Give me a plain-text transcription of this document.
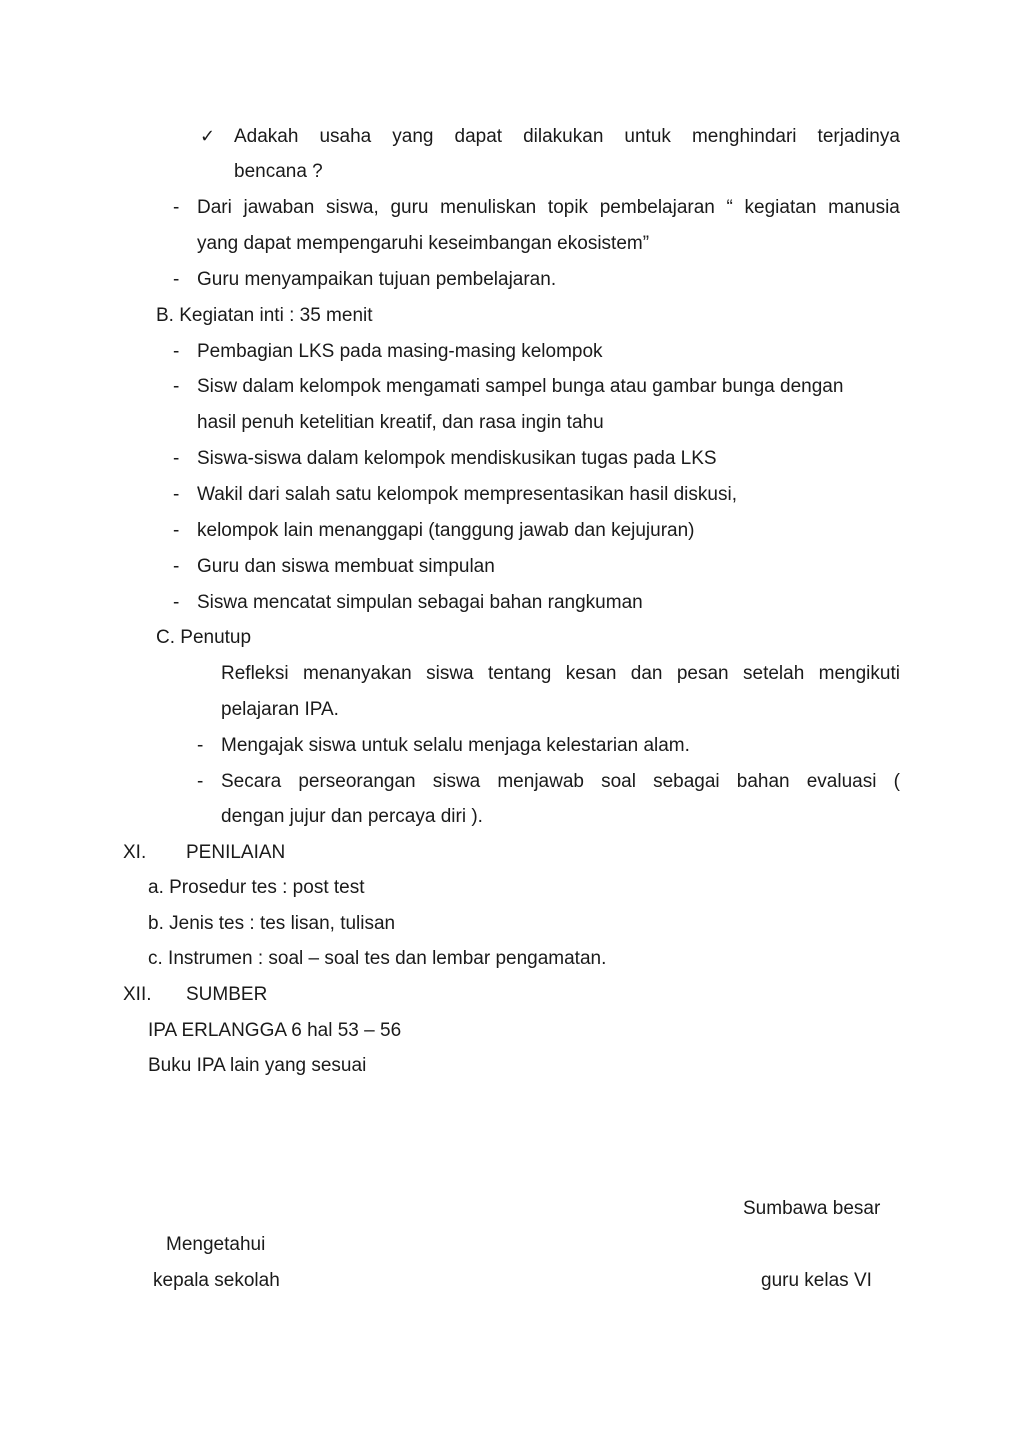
✓ Adakah usaha yang dapat dilakukan untuk menghindari terjadinya
bencana ?
- Dari jawaban siswa, guru menuliskan topik pembelajaran “ kegiatan manusia
yang dapat mempengaruhi keseimbangan ekosistem”
- Guru menyampaikan tujuan pembelajaran.
B. Kegiatan inti : 35 menit
- Pembagian LKS pada masing-masing kelompok
- Sisw dalam kelompok mengamati sampel bunga atau gambar bunga dengan
hasil penuh ketelitian kreatif, dan rasa ingin tahu
- Siswa-siswa dalam kelompok mendiskusikan tugas pada LKS
- Wakil dari salah satu kelompok mempresentasikan hasil diskusi,
- kelompok lain menanggapi (tanggung jawab dan kejujuran)
- Guru dan siswa membuat simpulan
- Siswa mencatat simpulan sebagai bahan rangkuman
C. Penutup
Refleksi menanyakan siswa tentang kesan dan pesan setelah mengikuti
pelajaran IPA.
- Mengajak siswa untuk selalu menjaga kelestarian alam.
- Secara perseorangan siswa menjawab soal sebagai bahan evaluasi (
dengan jujur dan percaya diri ).
XI. PENILAIAN
a. Prosedur tes : post test
b. Jenis tes : tes lisan, tulisan
c. Instrumen : soal – soal tes dan lembar pengamatan.
XII. SUMBER
IPA ERLANGGA 6 hal 53 – 56
Buku IPA lain yang sesuai
Sumbawa besar
Mengetahui
kepala sekolah	guru kelas VI
